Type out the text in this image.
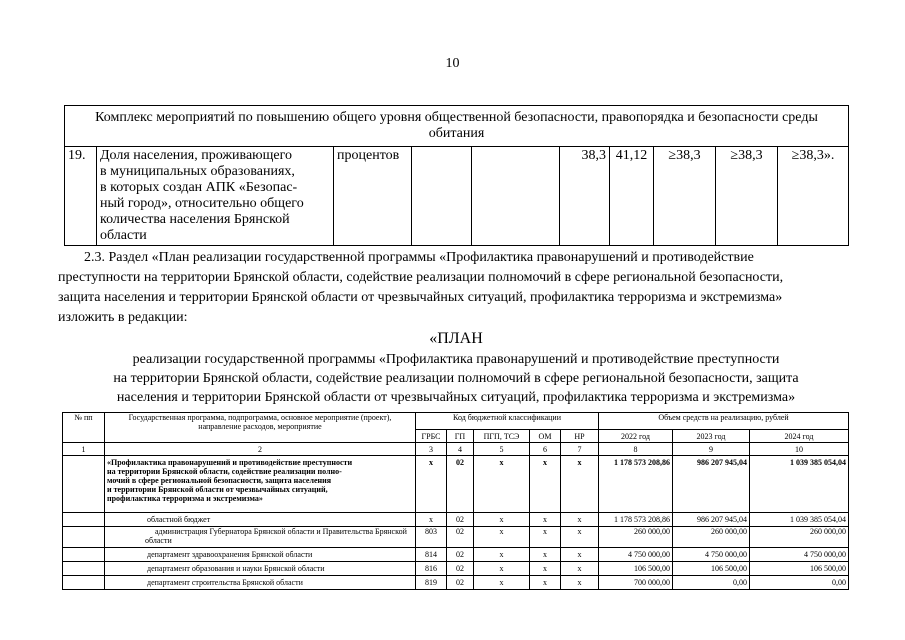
10
Комплекс мероприятий по повышению общего уровня общественной безопасности, правопорядка и безопасности среды обитания
19.	Доля населения, проживающего
в муниципальных образованиях,
в которых создан АПК «Безопас-
ный город», относительно общего
количества населения Брянской
области
	процентов			38,3	41,12	≥38,3	≥38,3	≥38,3».
2.3. Раздел «План реализации государственной программы «Профилактика правонарушений и противодействие
преступности на территории Брянской области, содействие реализации полномочий в сфере региональной безопасности,
защита населения и территории Брянской области от чрезвычайных ситуаций, профилактика терроризма и экстремизма»
изложить в редакции:
«ПЛАН
реализации государственной программы «Профилактика правонарушений и противодействие преступности
на территории Брянской области, содействие реализации полномочий в сфере региональной безопасности, защита
населения и территории Брянской области от чрезвычайных ситуаций, профилактика терроризма и экстремизма»
№ пп	Государственная программа, подпрограмма, основное мероприятие (проект), направление расходов, мероприятие	Код бюджетной классификации					Объем средств на реализацию, рублей		
		ГРБС	ГП	ПГП, ТСЭ	ОМ	НР	2022 год	2023 год	2024 год
1	2	3	4	5	6	7	8	9	10

	«Профилактика правонарушений и противодействие преступности
на территории Брянской области, содействие реализации полно-
мочий в сфере региональной безопасности, защита населения
и территории Брянской области от чрезвычайных ситуаций,
профилактика терроризма и экстремизма»	х	02	х	х	х	1 178 573 208,86	986 207 945,04	1 039 385 054,04
	областной бюджет	х	02	х	х	х	1 178 573 208,86	986 207 945,04	1 039 385 054,04
	администрация Губернатора Брянской области и Правительства Брянской области	803	02	х	х	х	260 000,00	260 000,00	260 000,00
	департамент здравоохранения Брянской области	814	02	х	х	х	4 750 000,00	4 750 000,00	4 750 000,00
	департамент образования и науки Брянской области	816	02	х	х	х	106 500,00	106 500,00	106 500,00
	департамент строительства Брянской области	819	02	х	х	х	700 000,00	0,00	0,00
